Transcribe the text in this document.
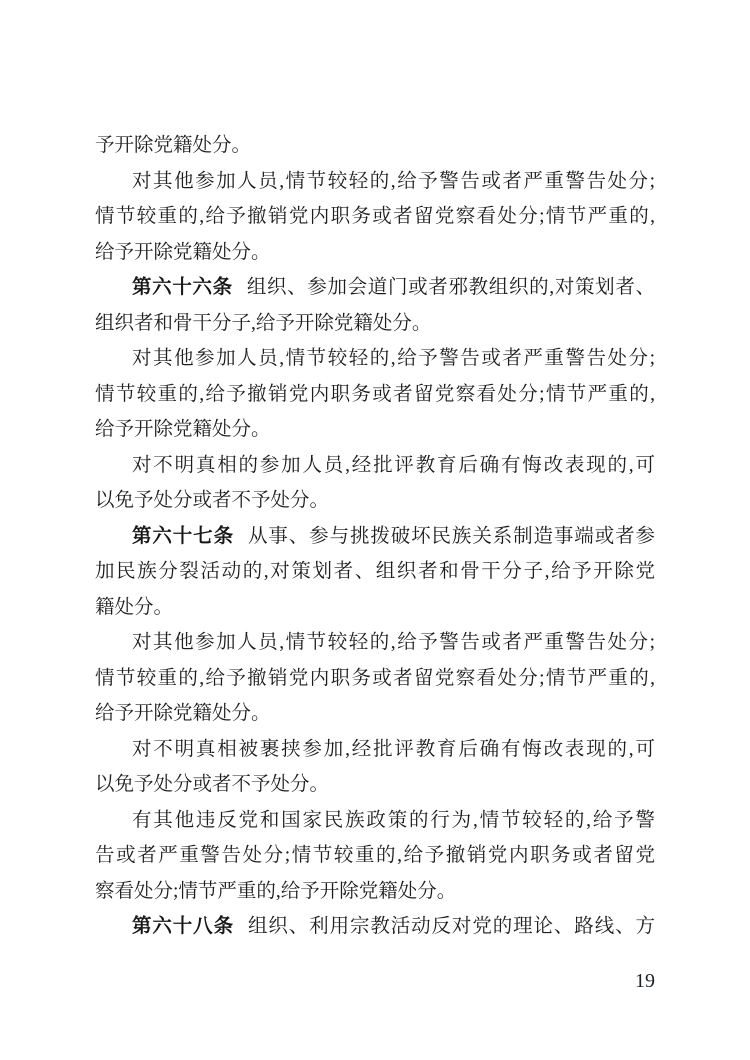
予开除党籍处分。
对其他参加人员,情节较轻的,给予警告或者严重警告处分;
情节较重的,给予撤销党内职务或者留党察看处分;情节严重的,
给予开除党籍处分。
第六十六条 组织、参加会道门或者邪教组织的,对策划者、
组织者和骨干分子,给予开除党籍处分。
对其他参加人员,情节较轻的,给予警告或者严重警告处分;
情节较重的,给予撤销党内职务或者留党察看处分;情节严重的,
给予开除党籍处分。
对不明真相的参加人员,经批评教育后确有悔改表现的,可
以免予处分或者不予处分。
第六十七条 从事、参与挑拨破坏民族关系制造事端或者参
加民族分裂活动的,对策划者、组织者和骨干分子,给予开除党
籍处分。
对其他参加人员,情节较轻的,给予警告或者严重警告处分;
情节较重的,给予撤销党内职务或者留党察看处分;情节严重的,
给予开除党籍处分。
对不明真相被裹挟参加,经批评教育后确有悔改表现的,可
以免予处分或者不予处分。
有其他违反党和国家民族政策的行为,情节较轻的,给予警
告或者严重警告处分;情节较重的,给予撤销党内职务或者留党
察看处分;情节严重的,给予开除党籍处分。
第六十八条 组织、利用宗教活动反对党的理论、路线、方
19
